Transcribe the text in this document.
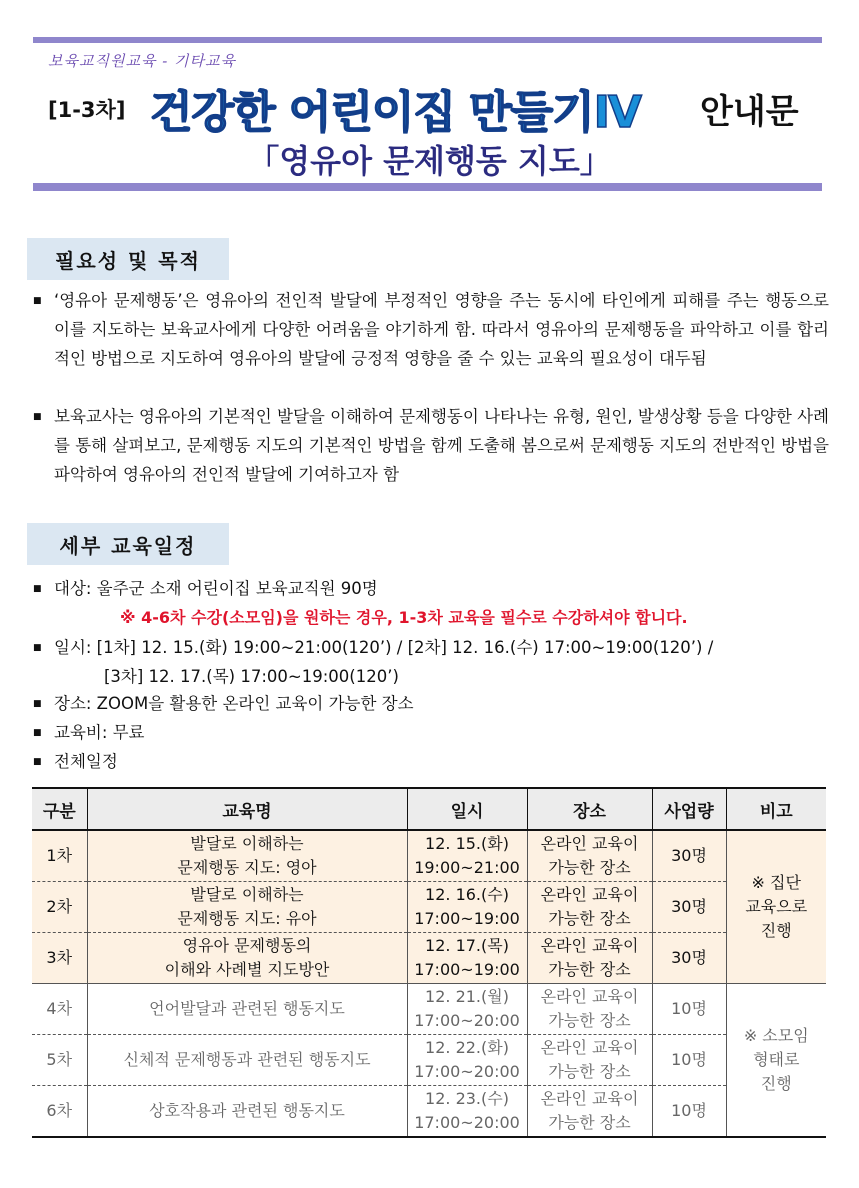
보육교직원교육 - 기타교육
[1-3차] 건강한 어린이집 만들기Ⅳ 안내문
「영유아 문제행동 지도」
필요성 및 목적
■ ‘영유아 문제행동’은 영유아의 전인적 발달에 부정적인 영향을 주는 동시에 타인에게 피해를 주는 행동으로 이를 지도하는 보육교사에게 다양한 어려움을 야기하게 함. 따라서 영유아의 문제행동을 파악하고 이를 합리적인 방법으로 지도하여 영유아의 발달에 긍정적 영향을 줄 수 있는 교육의 필요성이 대두됨
■ 보육교사는 영유아의 기본적인 발달을 이해하여 문제행동이 나타나는 유형, 원인, 발생상황 등을 다양한 사례를 통해 살펴보고, 문제행동 지도의 기본적인 방법을 함께 도출해 봄으로써 문제행동 지도의 전반적인 방법을 파악하여 영유아의 전인적 발달에 기여하고자 함
세부 교육일정
■ 대상: 울주군 소재 어린이집 보육교직원 90명
※ 4-6차 수강(소모임)을 원하는 경우, 1-3차 교육을 필수로 수강하셔야 합니다.
■ 일시: [1차] 12. 15.(화) 19:00~21:00(120’) / [2차] 12. 16.(수) 17:00~19:00(120’) /
[3차] 12. 17.(목) 17:00~19:00(120’)
■ 장소: ZOOM을 활용한 온라인 교육이 가능한 장소
■ 교육비: 무료
■ 전체일정
구분	교육명	일시	장소	사업량	비고
1차	발달로 이해하는
문제행동 지도: 영아	12. 15.(화)
19:00~21:00	온라인 교육이
가능한 장소	30명	※ 집단
교육으로
진행
2차	발달로 이해하는
문제행동 지도: 유아	12. 16.(수)
17:00~19:00	온라인 교육이
가능한 장소	30명	
3차	영유아 문제행동의
이해와 사례별 지도방안	12. 17.(목)
17:00~19:00	온라인 교육이
가능한 장소	30명	
4차	언어발달과 관련된 행동지도	12. 21.(월)
17:00~20:00	온라인 교육이
가능한 장소	10명	※ 소모임
형태로
진행
5차	신체적 문제행동과 관련된 행동지도	12. 22.(화)
17:00~20:00	온라인 교육이
가능한 장소	10명	
6차	상호작용과 관련된 행동지도	12. 23.(수)
17:00~20:00	온라인 교육이
가능한 장소	10명	
